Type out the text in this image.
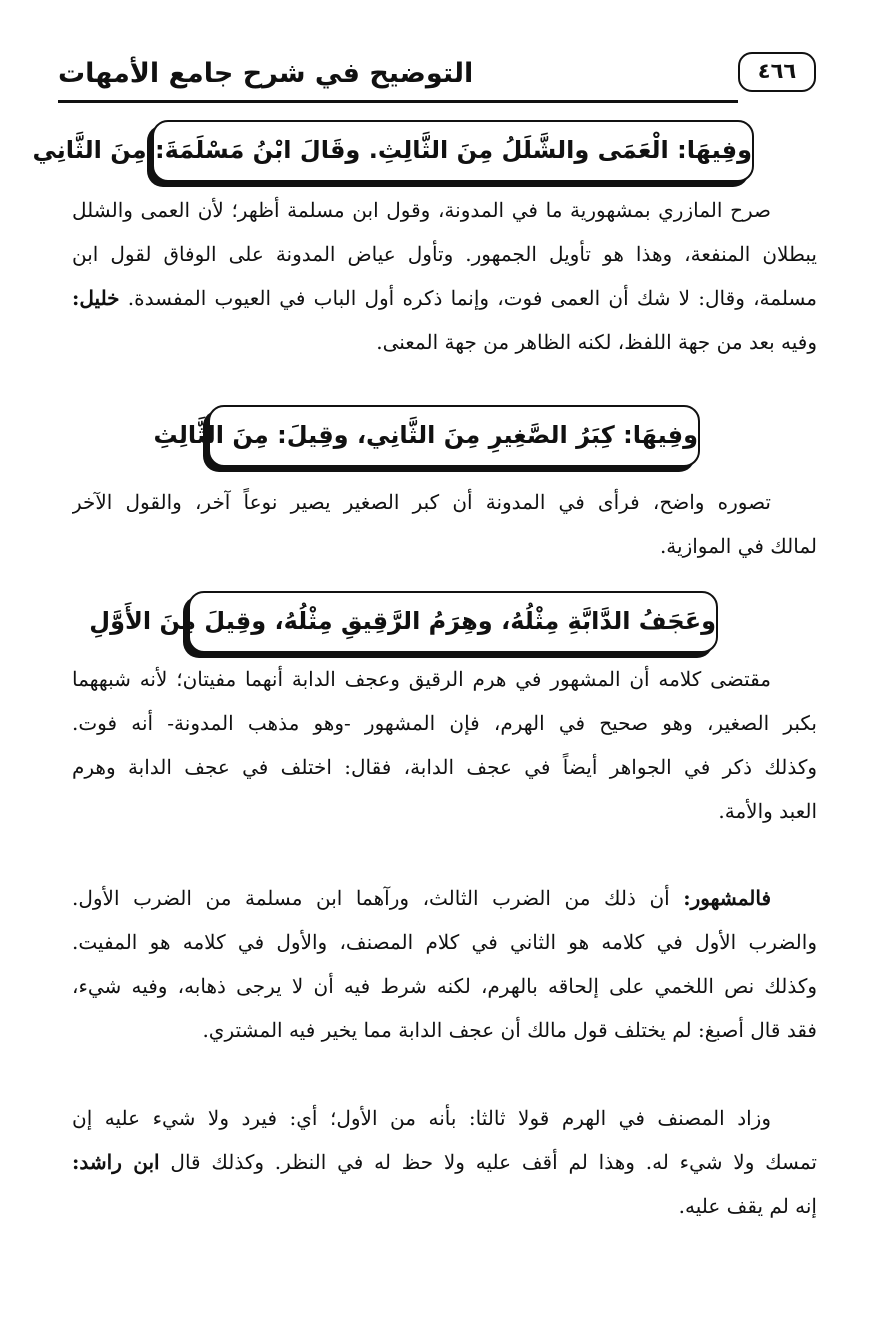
٤٦٦
التوضيح في شرح جامع الأمهات
وفِيهَا: الْعَمَى والشَّلَلُ مِنَ الثَّالِثِ. وقَالَ ابْنُ مَسْلَمَةَ: مِنَ الثَّانِي
صرح المازري بمشهورية ما في المدونة، وقول ابن مسلمة أظهر؛ لأن العمى والشلل
يبطلان المنفعة، وهذا هو تأويل الجمهور. وتأول عياض المدونة على الوفاق لقول ابن
مسلمة، وقال: لا شك أن العمى فوت، وإنما ذكره أول الباب في العيوب المفسدة. خليل:
وفيه بعد من جهة اللفظ، لكنه الظاهر من جهة المعنى.
وفِيهَا: كِبَرُ الصَّغِيرِ مِنَ الثَّانِي، وقِيلَ: مِنَ الثَّالِثِ
تصوره واضح، فرأى في المدونة أن كبر الصغير يصير نوعاً آخر، والقول الآخر
لمالك في الموازية.
وعَجَفُ الدَّابَّةِ مِثْلُهُ، وهِرَمُ الرَّقِيقِ مِثْلُهُ، وقِيلَ مِنَ الأَوَّلِ
مقتضى كلامه أن المشهور في هرم الرقيق وعجف الدابة أنهما مفيتان؛ لأنه شبههما
بكبر الصغير، وهو صحيح في الهرم، فإن المشهور -وهو مذهب المدونة- أنه فوت.
وكذلك ذكر في الجواهر أيضاً في عجف الدابة، فقال: اختلف في عجف الدابة وهرم
العبد والأمة.
فالمشهور: أن ذلك من الضرب الثالث، ورآهما ابن مسلمة من الضرب الأول.
والضرب الأول في كلامه هو الثاني في كلام المصنف، والأول في كلامه هو المفيت.
وكذلك نص اللخمي على إلحاقه بالهرم، لكنه شرط فيه أن لا يرجى ذهابه، وفيه شيء،
فقد قال أصبغ: لم يختلف قول مالك أن عجف الدابة مما يخير فيه المشتري.
وزاد المصنف في الهرم قولا ثالثا: بأنه من الأول؛ أي: فيرد ولا شيء عليه إن
تمسك ولا شيء له. وهذا لم أقف عليه ولا حظ له في النظر. وكذلك قال ابن راشد:
إنه لم يقف عليه.
